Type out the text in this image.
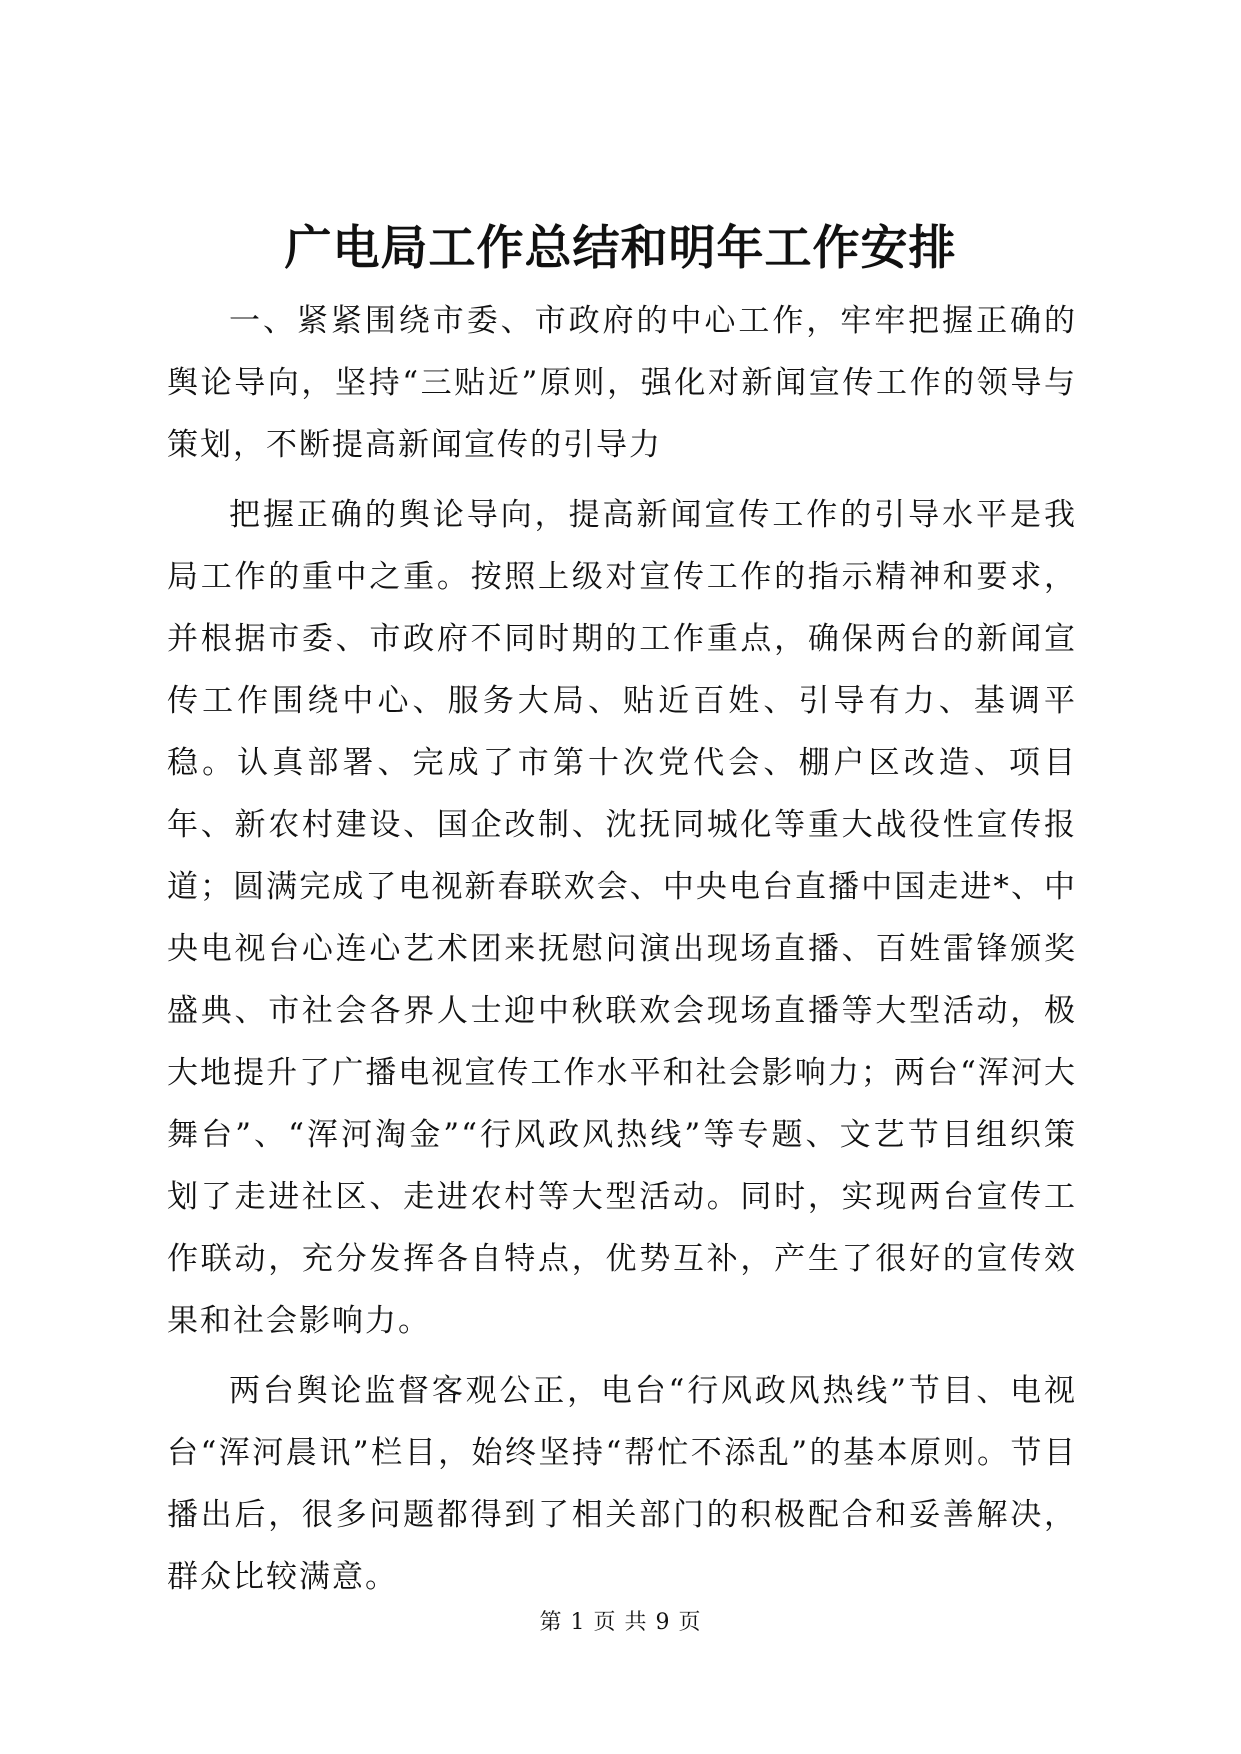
广电局工作总结和明年工作安排

一、紧紧围绕市委、市政府的中心工作，牢牢把握正确的舆论导向，坚持“三贴近”原则，强化对新闻宣传工作的领导与策划，不断提高新闻宣传的引导力

把握正确的舆论导向，提高新闻宣传工作的引导水平是我局工作的重中之重。按照上级对宣传工作的指示精神和要求，并根据市委、市政府不同时期的工作重点，确保两台的新闻宣传工作围绕中心、服务大局、贴近百姓、引导有力、基调平稳。认真部署、完成了市第十次党代会、棚户区改造、项目年、新农村建设、国企改制、沈抚同城化等重大战役性宣传报道；圆满完成了电视新春联欢会、中央电台直播中国走进*、中央电视台心连心艺术团来抚慰问演出现场直播、百姓雷锋颁奖盛典、市社会各界人士迎中秋联欢会现场直播等大型活动，极大地提升了广播电视宣传工作水平和社会影响力；两台“浑河大舞台”、“浑河淘金”“行风政风热线”等专题、文艺节目组织策划了走进社区、走进农村等大型活动。同时，实现两台宣传工作联动，充分发挥各自特点，优势互补，产生了很好的宣传效果和社会影响力。

两台舆论监督客观公正，电台“行风政风热线”节目、电视台“浑河晨讯”栏目，始终坚持“帮忙不添乱”的基本原则。节目播出后，很多问题都得到了相关部门的积极配合和妥善解决，群众比较满意。

第 1 页 共 9 页
